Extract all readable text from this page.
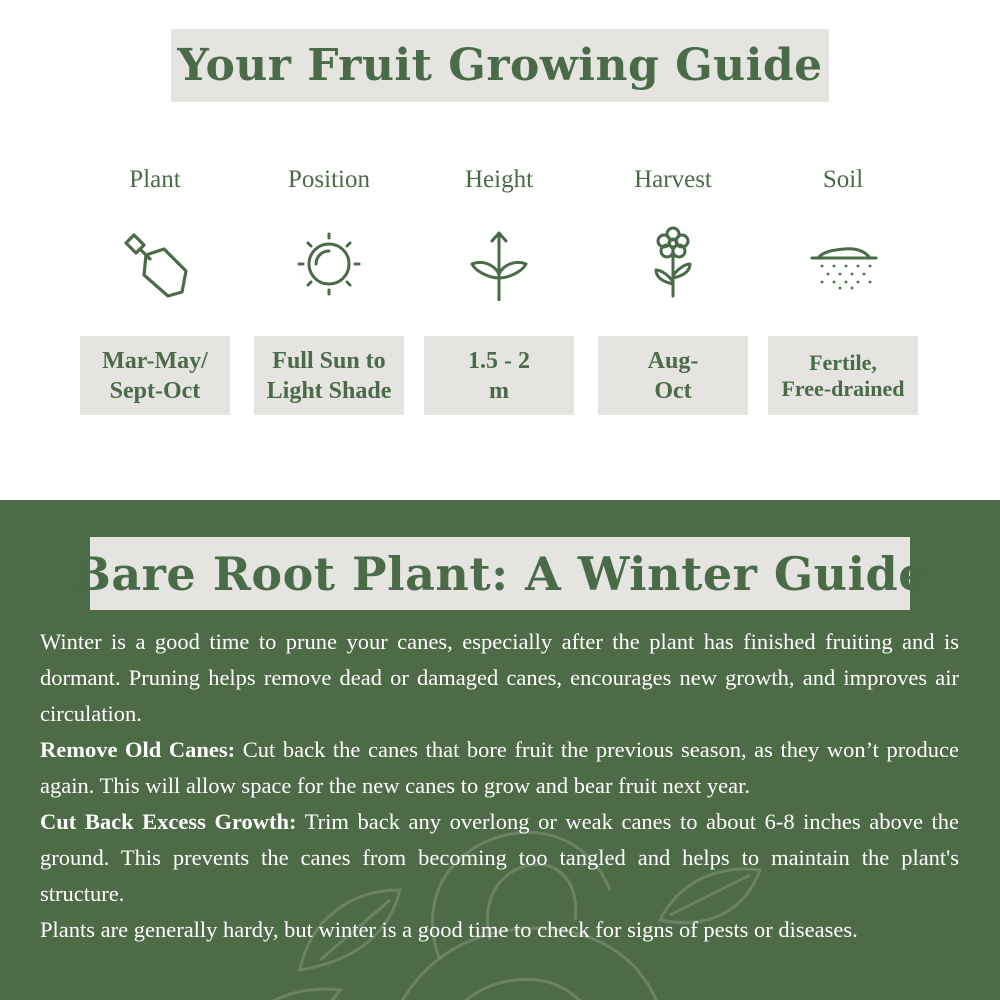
Your Fruit Growing Guide
Plant
Mar-May/
Sept-Oct
Position
Full Sun to
Light Shade
Height
1.5 - 2
m
Harvest
Aug-
Oct
Soil
Fertile,
Free-drained
Bare Root Plant: A Winter Guide

Winter is a good time to prune your canes, especially after the plant has finished fruiting and is dormant. Pruning helps remove dead or damaged canes, encourages new growth, and improves air circulation.

Remove Old Canes: Cut back the canes that bore fruit the previous season, as they won’t produce again. This will allow space for the new canes to grow and bear fruit next year.

Cut Back Excess Growth: Trim back any overlong or weak canes to about 6-8 inches above the ground. This prevents the canes from becoming too tangled and helps to maintain the plant's structure.

Plants are generally hardy, but winter is a good time to check for signs of pests or diseases.
